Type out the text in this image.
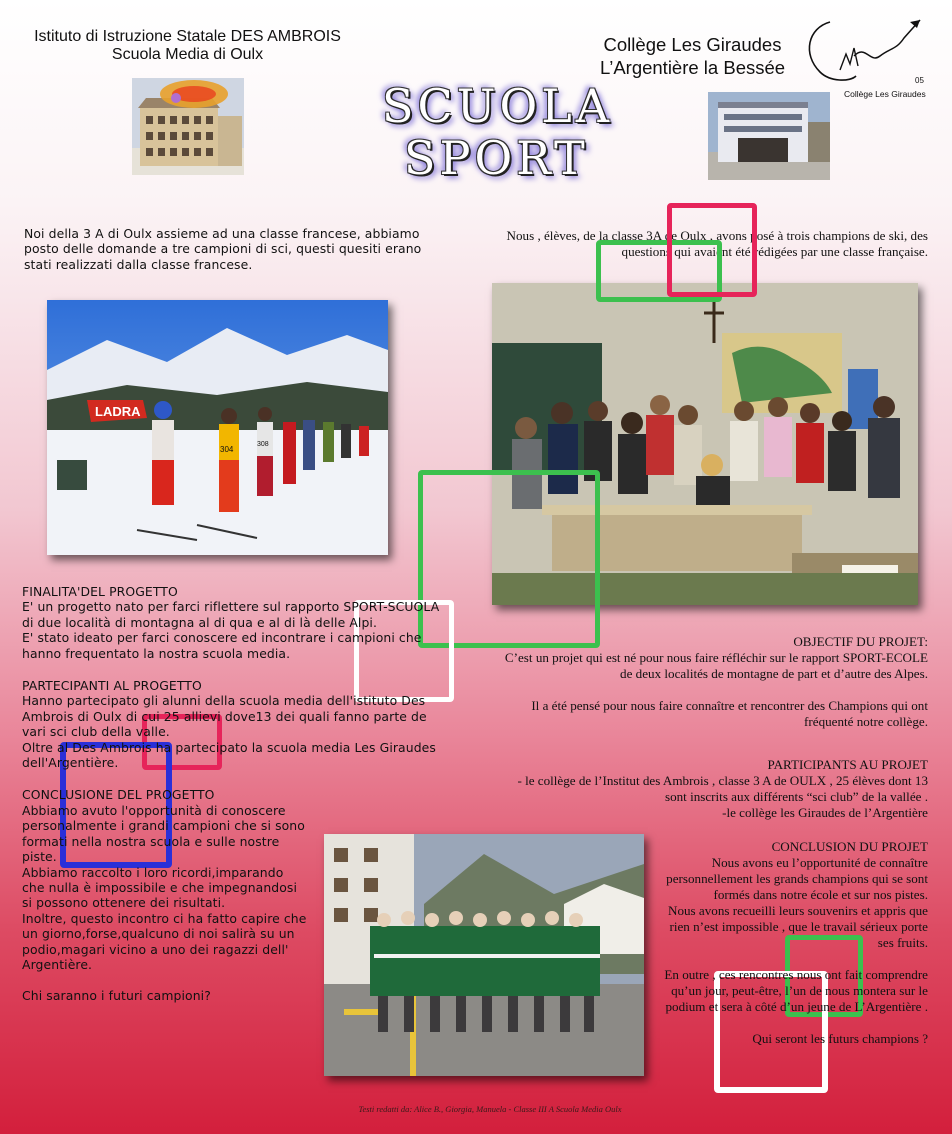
Istituto di Istruzione Statale DES AMBROIS
Scuola Media di Oulx	Collège Les Giraudes
L’Argentière la Bessée
05
Collège Les Giraudes
SCUOLA
SPORT
Noi della 3 A di Oulx assieme ad una classe francese, abbiamo posto delle domande a tre campioni di sci, questi quesiti erano stati realizzati dalla classe francese.
Nous , élèves, de la classe 3A de Oulx , avons posé à trois champions de ski, des questions qui avaient été rédigées par une classe française.
LADRA
304
308
FINALITA'DEL PROGETTO
E' un progetto nato per farci riflettere sul rapporto SPORT-SCUOLA di due località di montagna al di qua e al di là delle Alpi.
E' stato ideato per farci conoscere ed incontrare i campioni che hanno frequentato la nostra scuola media.
PARTECIPANTI AL PROGETTO
Hanno partecipato gli alunni della scuola media dell'istituto Des Ambrois di Oulx di cui 25 allievi dove13 dei quali fanno parte de vari sci club della valle.
Oltre al Des Ambrois ha partecipato la scuola media Les Giraudes dell'Argentière.
CONCLUSIONE DEL PROGETTO
Abbiamo avuto l'opportunità di conoscere personalmente i grandi campioni che si sono formati nella nostra scuola e sulle nostre piste.
Abbiamo raccolto i loro ricordi,imparando che nulla è impossibile e che impegnandosi si possono ottenere dei risultati.
Inoltre, questo incontro ci ha fatto capire che un giorno,forse,qualcuno di noi salirà su un podio,magari vicino a uno dei ragazzi dell' Argentière.

Chi saranno i futuri campioni?
OBJECTIF DU PROJET:
C’est un projet qui est né pour nous faire réfléchir sur le rapport SPORT-ECOLE de deux localités de montagne de part et d’autre des Alpes.

Il a été pensé pour nous faire connaître et rencontrer des Champions qui ont fréquenté notre collège.
PARTICIPANTS AU PROJET
- le collège de l’Institut des Ambrois , classe 3 A de OULX , 25 élèves dont 13 sont inscrits aux différents “sci club” de la vallée .
-le collège les Giraudes de l’Argentière
CONCLUSION DU PROJET
Nous avons eu l’opportunité de connaître personnellement les grands champions qui se sont formés dans notre école et sur nos pistes.
Nous avons recueilli leurs souvenirs et appris que rien n’est impossible , que le travail sérieux porte ses fruits.

En outre , ces rencontres nous ont fait comprendre qu’un jour, peut-être, l’un de nous montera sur le podium et sera à côté d’un jeune de L’Argentière .

Qui seront les futurs champions ?
Testi redatti da: Alice B., Giorgia, Manuela - Classe III A Scuola Media Oulx
